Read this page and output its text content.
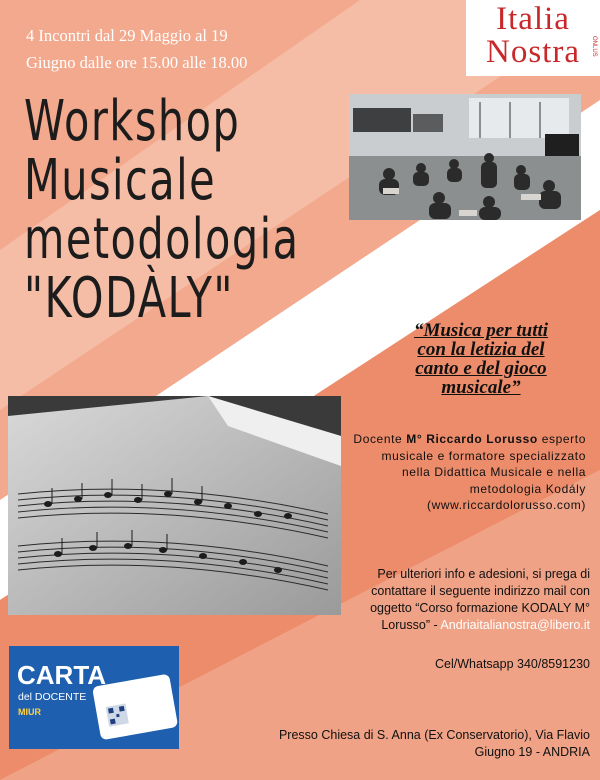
4 Incontri dal 29 Maggio al 19
Giugno dalle ore 15.00 alle 18.00
Italia
Nostra	ONLUS
Workshop
Musicale
metodologia
"KODÀLY"	“Musica per tutti
con la letizia del
canto e del gioco
musicale”
Docente M° Riccardo Lorusso esperto musicale e formatore specializzato nella Didattica Musicale e nella metodologia Kodály
(www.riccardolorusso.com)
Per ulteriori info e adesioni, si prega di contattare il seguente indirizzo mail con oggetto “Corso formazione KODALY M° Lorusso” - Andriaitalianostra@libero.it
Cel/Whatsapp 340/8591230
CARTA
del DOCENTE
MIUR
Presso Chiesa di S. Anna (Ex Conservatorio), Via Flavio
Giugno 19 - ANDRIA
